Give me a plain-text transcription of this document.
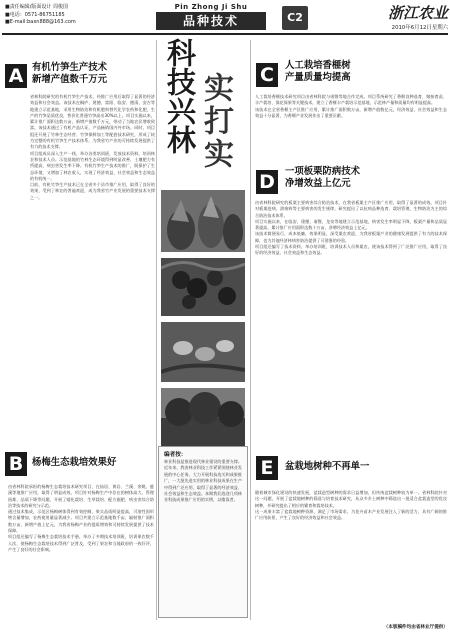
■责任编辑/版面设计 周俊国
■电话：0571-86751185
■E-mail:baxn888@163.com
Pin Zhong Ji Shu
品种技术	C2	浙江农业
2010年6月12日星期六
A 有机竹笋生产技术
新增产值数千万元
省林科院研究的有机竹笋生产技术，经推广应用后取得了显著的经济效益和社会效益。该技术在桐庐、建德、富阳、临安、德清、安吉等地建立示范基地，采用生物防治和有机肥料替代化学农药和化肥，生产的竹笋品质优良，售价比普通竹笋高出30%以上。项目实施以来，累计推广面积达数万亩，新增产值数千万元，带动了当地农民增收致富。该技术通过了有机产品认证，产品畅销国内外市场。同时，项目组还开展了竹林生态经营、竹笋保鲜加工等配套技术研究，形成了较为完整的有机竹笋生产技术体系，为我省竹产业的可持续发展提供了有力的技术支撑。
项目组成员深入生产一线，举办各类培训班，发放技术资料，培训林农和技术人员。示范基地的竹林生态环境得到明显改善，土壤肥力有所提高，病虫害发生率下降。有机竹笋生产技术的推广，既保护了生态环境，又增加了林农收入，实现了经济效益、社会效益和生态效益的有机统一。
目前，有机竹笋生产技术已在全省多个县市推广应用，取得了良好的效果，受到了林农的普遍欢迎，成为我省竹产业发展的重要技术支撑之一。
科技兴林 实打实 C	人工栽培香榧树
产量质量均提高
人工栽培香榧技术研究项目由省林科院与诸暨等地合作完成。项目系统研究了香榧良种选育、嫁接育苗、丰产栽培、保花保果等关键技术，建立了香榧丰产栽培示范基地，示范林产量和质量均有明显提高。
该技术在全省香榧主产区推广应用，累计推广面积数万亩，新增产值数亿元，经济效益、社会效益和生态效益十分显著，为香榧产业发展作出了重要贡献。
D	一项板栗防病技术
净增效益上亿元
由省林科院研究的板栗主要病害综合防治技术，在我省板栗主产区推广应用，取得了显著的成效。项目针对板栗疫病、溃疡病等主要病害的发生规律，研究提出了以抗病品种选育、栽培管理、生物防治为主的综合防治技术体系。
项目实施以来，在临安、建德、诸暨、龙泉等地建立示范基地，病害发生率明显下降，板栗产量和品质显著提高。累计推广应用面积达数十万亩，净增经济效益上亿元。
该技术简便易行，成本低廉，效果明显，深受栗农欢迎，为我省板栗产业的健康发展提供了有力的技术保障，也为其他经济林病害防治提供了可借鉴的经验。
项目组还编写了技术资料，举办培训班，培训技术人员和栗农，使该技术得到了广泛推广应用，取得了良好的经济效益、社会效益和生态效益。
B 杨梅生态栽培效果好
由省林科院承担的杨梅生态栽培技术研究项目，在仙居、黄岩、兰溪、余姚、慈溪等地推广应用，取得了明显成效。项目针对杨梅生产中存在的树体高大、管理困难、品质下降等问题，开展了矮化栽培、生草栽培、配方施肥、病虫害综合防治等技术的研究与示范。
通过技术集成，示范区杨梅树体得到有效控制，果实品质明显提高，可溶性固形物含量增加，农药使用量显著减少。项目共建立示范基地数千亩，辐射推广面积数万亩，新增产值上亿元，为我省杨梅产业的提质增效和可持续发展提供了技术保障。
项目组还编写了杨梅生态栽培技术手册，举办了多期技术培训班，培训果农数千人次，使杨梅生态栽培技术得到广泛普及，受到了果农和当地政府的一致好评，产生了良好的社会影响。
编者按：
林业科技是推进现代林业建设的重要支撑。近年来，我省林业科技工作紧紧围绕林业发展的中心任务，大力开展科技攻关和成果推广，一大批先进实用的林业科技成果在生产中得到广泛应用，取得了显著的经济效益、社会效益和生态效益。本期我们选登几项林业科技成果推广应用的实例，以飨读者。
E	盆栽地树种不再单一
随着城市绿化建设的快速发展，盆栽造型树种的需求日益增加，但传统盆栽树种较为单一。省林科院针对这一问题，开展了盆栽地树种的筛选与培育技术研究，从众多乡土树种中筛选出一批适合盆栽造型的优良树种，并研究提出了相应的繁育和栽培技术。
这一成果丰富了盆栽地树种资源，满足了市场需求，为花卉苗木产业发展注入了新的活力，具有广阔的推广应用前景，产生了良好的经济效益和社会效益。
（本版稿件均由省林业厅提供）
